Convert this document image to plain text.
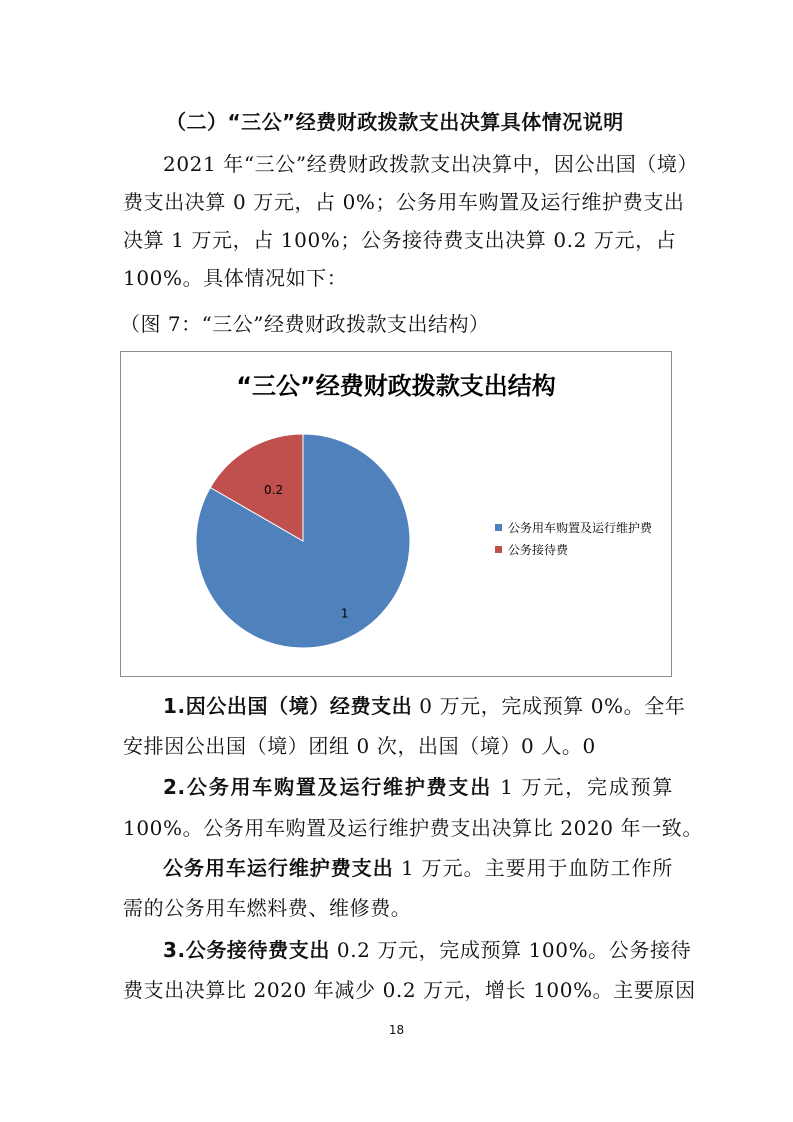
（二）“三公”经费财政拨款支出决算具体情况说明
2021 年“三公”经费财政拨款支出决算中，因公出国（境）
费支出决算 0 万元，占 0%；公务用车购置及运行维护费支出
决算 1 万元，占 100%；公务接待费支出决算 0.2 万元，占
100%。具体情况如下：
（图 7：“三公”经费财政拨款支出结构）
“三公”经费财政拨款支出结构
1
0.2
公务用车购置及运行维护费
公务接待费
1.因公出国（境）经费支出 0 万元，完成预算 0%。全年
安排因公出国（境）团组 0 次，出国（境）0 人。0
2.公务用车购置及运行维护费支出 1 万元，完成预算
100%。公务用车购置及运行维护费支出决算比 2020 年一致。
公务用车运行维护费支出 1 万元。主要用于血防工作所
需的公务用车燃料费、维修费。
3.公务接待费支出 0.2 万元，完成预算 100%。公务接待
费支出决算比 2020 年减少 0.2 万元，增长 100%。主要原因
18
